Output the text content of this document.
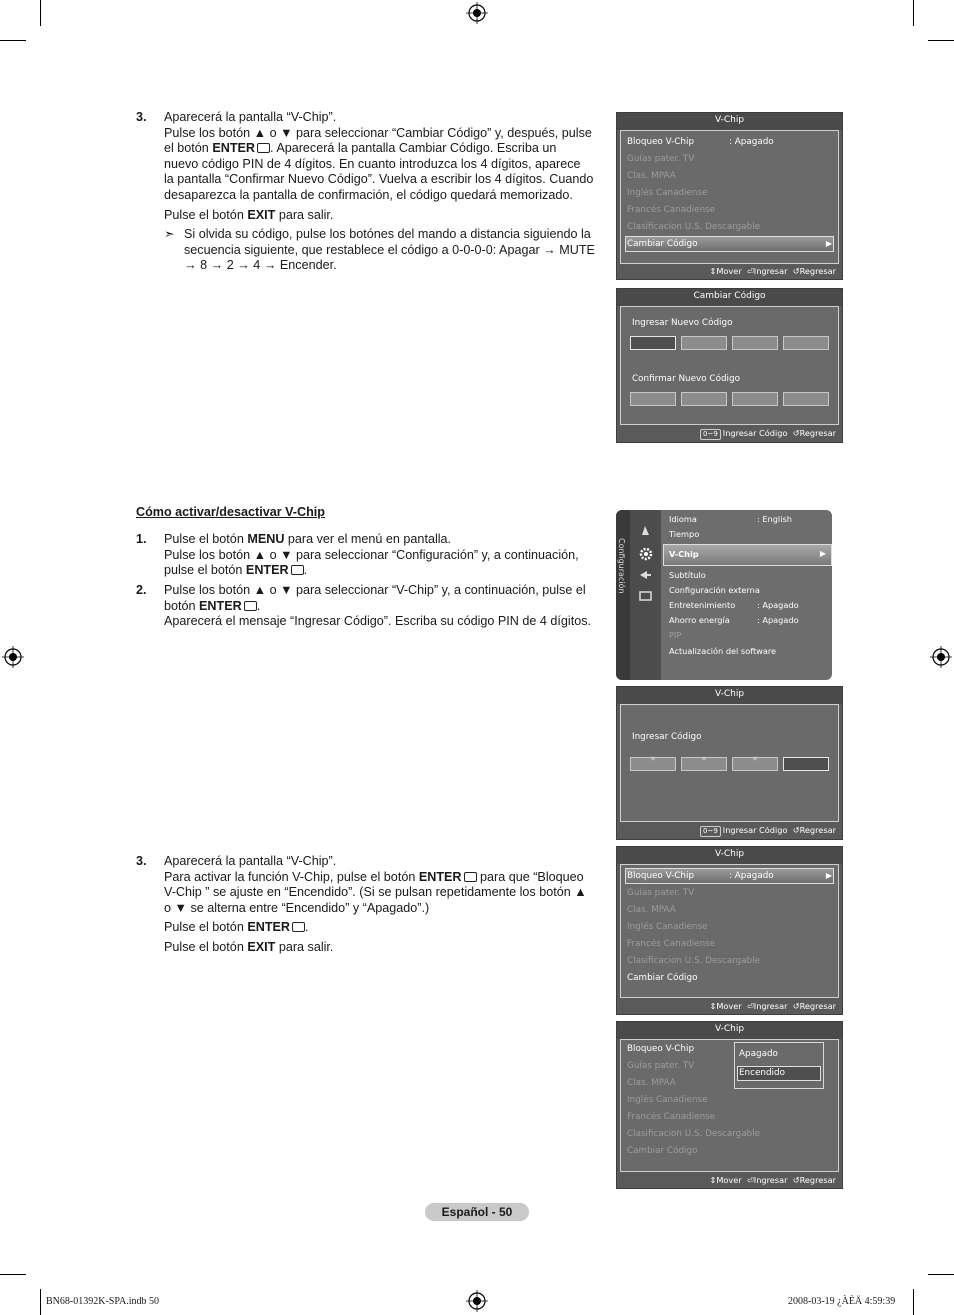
3. Aparecerá la pantalla “V-Chip”.

Pulse los botón ▲ o ▼ para seleccionar “Cambiar Código” y, después, pulse

el botón ENTER . Aparecerá la pantalla Cambiar Código. Escriba un

nuevo código PIN de 4 dígitos. En cuanto introduzca los 4 dígitos, aparece

la pantalla “Confirmar Nuevo Código”. Vuelva a escribir los 4 dígitos. Cuando

desaparezca la pantalla de confirmación, el código quedará memorizado.

Pulse el botón EXIT para salir.

➣ Si olvida su código, pulse los botónes del mando a distancia siguiendo la

secuencia siguiente, que restablece el código a 0-0-0-0: Apagar → MUTE

→ 8 → 2 → 4 → Encender.

V-Chip
Bloqueo V-Chip	: Apagado
Guías pater. TV
Clas. MPAA
Inglés Canadiense
Francés Canadiense
Clasificacion U.S. Descargable
Cambiar Código	▶
⇕Mover ⏎Ingresar ↺Regresar
Cambiar Código
Ingresar Nuevo Código
Confirmar Nuevo Código
0~9 Ingresar Código ↺Regresar
Cómo activar/desactivar V-Chip
1. Pulse el botón MENU para ver el menú en pantalla.

Pulse los botón ▲ o ▼ para seleccionar “Configuración” y, a continuación,

pulse el botón ENTER .

2. Pulse los botón ▲ o ▼ para seleccionar “V-Chip” y, a continuación, pulse el

botón ENTER .

Aparecerá el mensaje “Ingresar Código”. Escriba su código PIN de 4 dígitos.

Configuración
Idioma	: English
Tiempo
V-Chip	▶
Subtítulo
Configuración externa
Entretenimiento	: Apagado
Ahorro energía	: Apagado
PIP
Actualización del software
V-Chip
Ingresar Código
*	*	*
0~9 Ingresar Código ↺Regresar
3. Aparecerá la pantalla “V-Chip”.

Para activar la función V-Chip, pulse el botón ENTER para que “Bloqueo

V-Chip ” se ajuste en “Encendido”. (Si se pulsan repetidamente los botón ▲

o ▼ se alterna entre “Encendido” y “Apagado”.)

Pulse el botón ENTER .

Pulse el botón EXIT para salir.

V-Chip
Bloqueo V-Chip	: Apagado	▶
Guías pater. TV
Clas. MPAA
Inglés Canadiense
Francés Canadiense
Clasificacion U.S. Descargable
Cambiar Código
⇕Mover ⏎Ingresar ↺Regresar
V-Chip
Bloqueo V-Chip
Guías pater. TV
Clas. MPAA
Inglés Canadiense
Francés Canadiense
Clasificacion U.S. Descargable
Cambiar Código
Apagado
Encendido
⇕Mover ⏎Ingresar ↺Regresar
Español - 50
BN68-01392K-SPA.indb 50	2008-03-19 ¿ÀÈÄ 4:59:39
